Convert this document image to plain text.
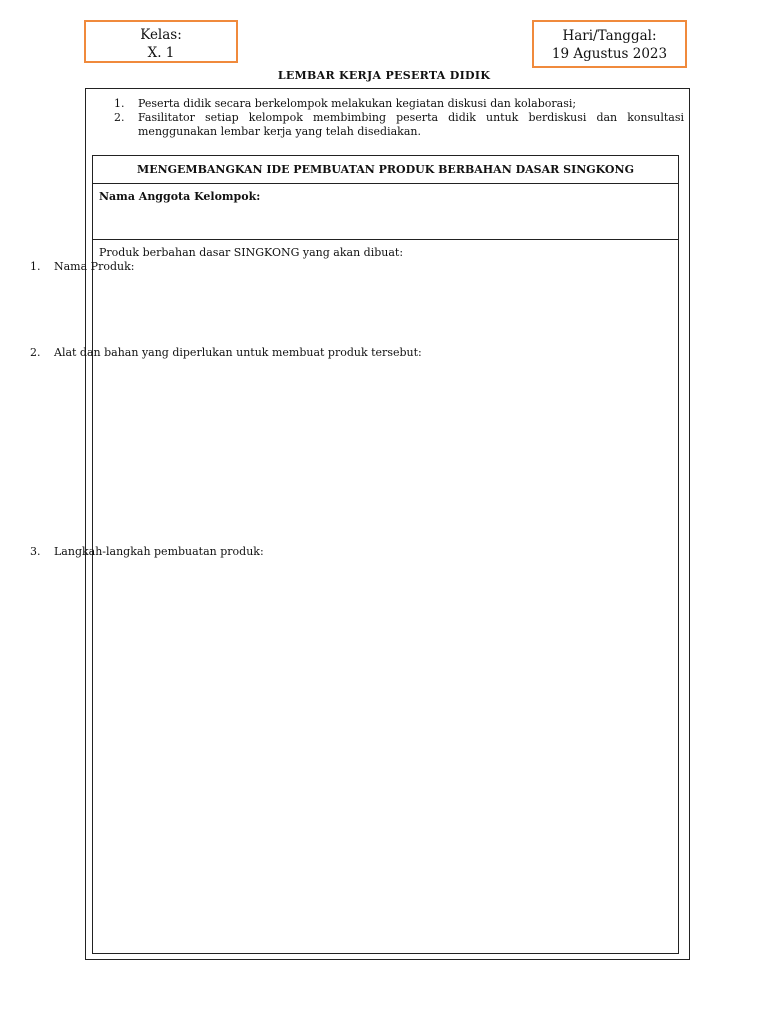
Kelas:
X. 1
Hari/Tanggal:
19 Agustus 2023
LEMBAR KERJA PESERTA DIDIK
1.	Peserta didik secara berkelompok melakukan kegiatan diskusi dan kolaborasi;
2.	Fasilitator setiap kelompok membimbing peserta didik untuk berdiskusi dan konsultasi menggunakan lembar kerja yang telah disediakan.
MENGEMBANGKAN IDE PEMBUATAN PRODUK BERBAHAN DASAR SINGKONG
Nama Anggota Kelompok:
Produk berbahan dasar SINGKONG yang akan dibuat:
1.	Nama Produk:
2.	Alat dan bahan yang diperlukan untuk membuat produk tersebut:
3.	Langkah-langkah pembuatan produk:
